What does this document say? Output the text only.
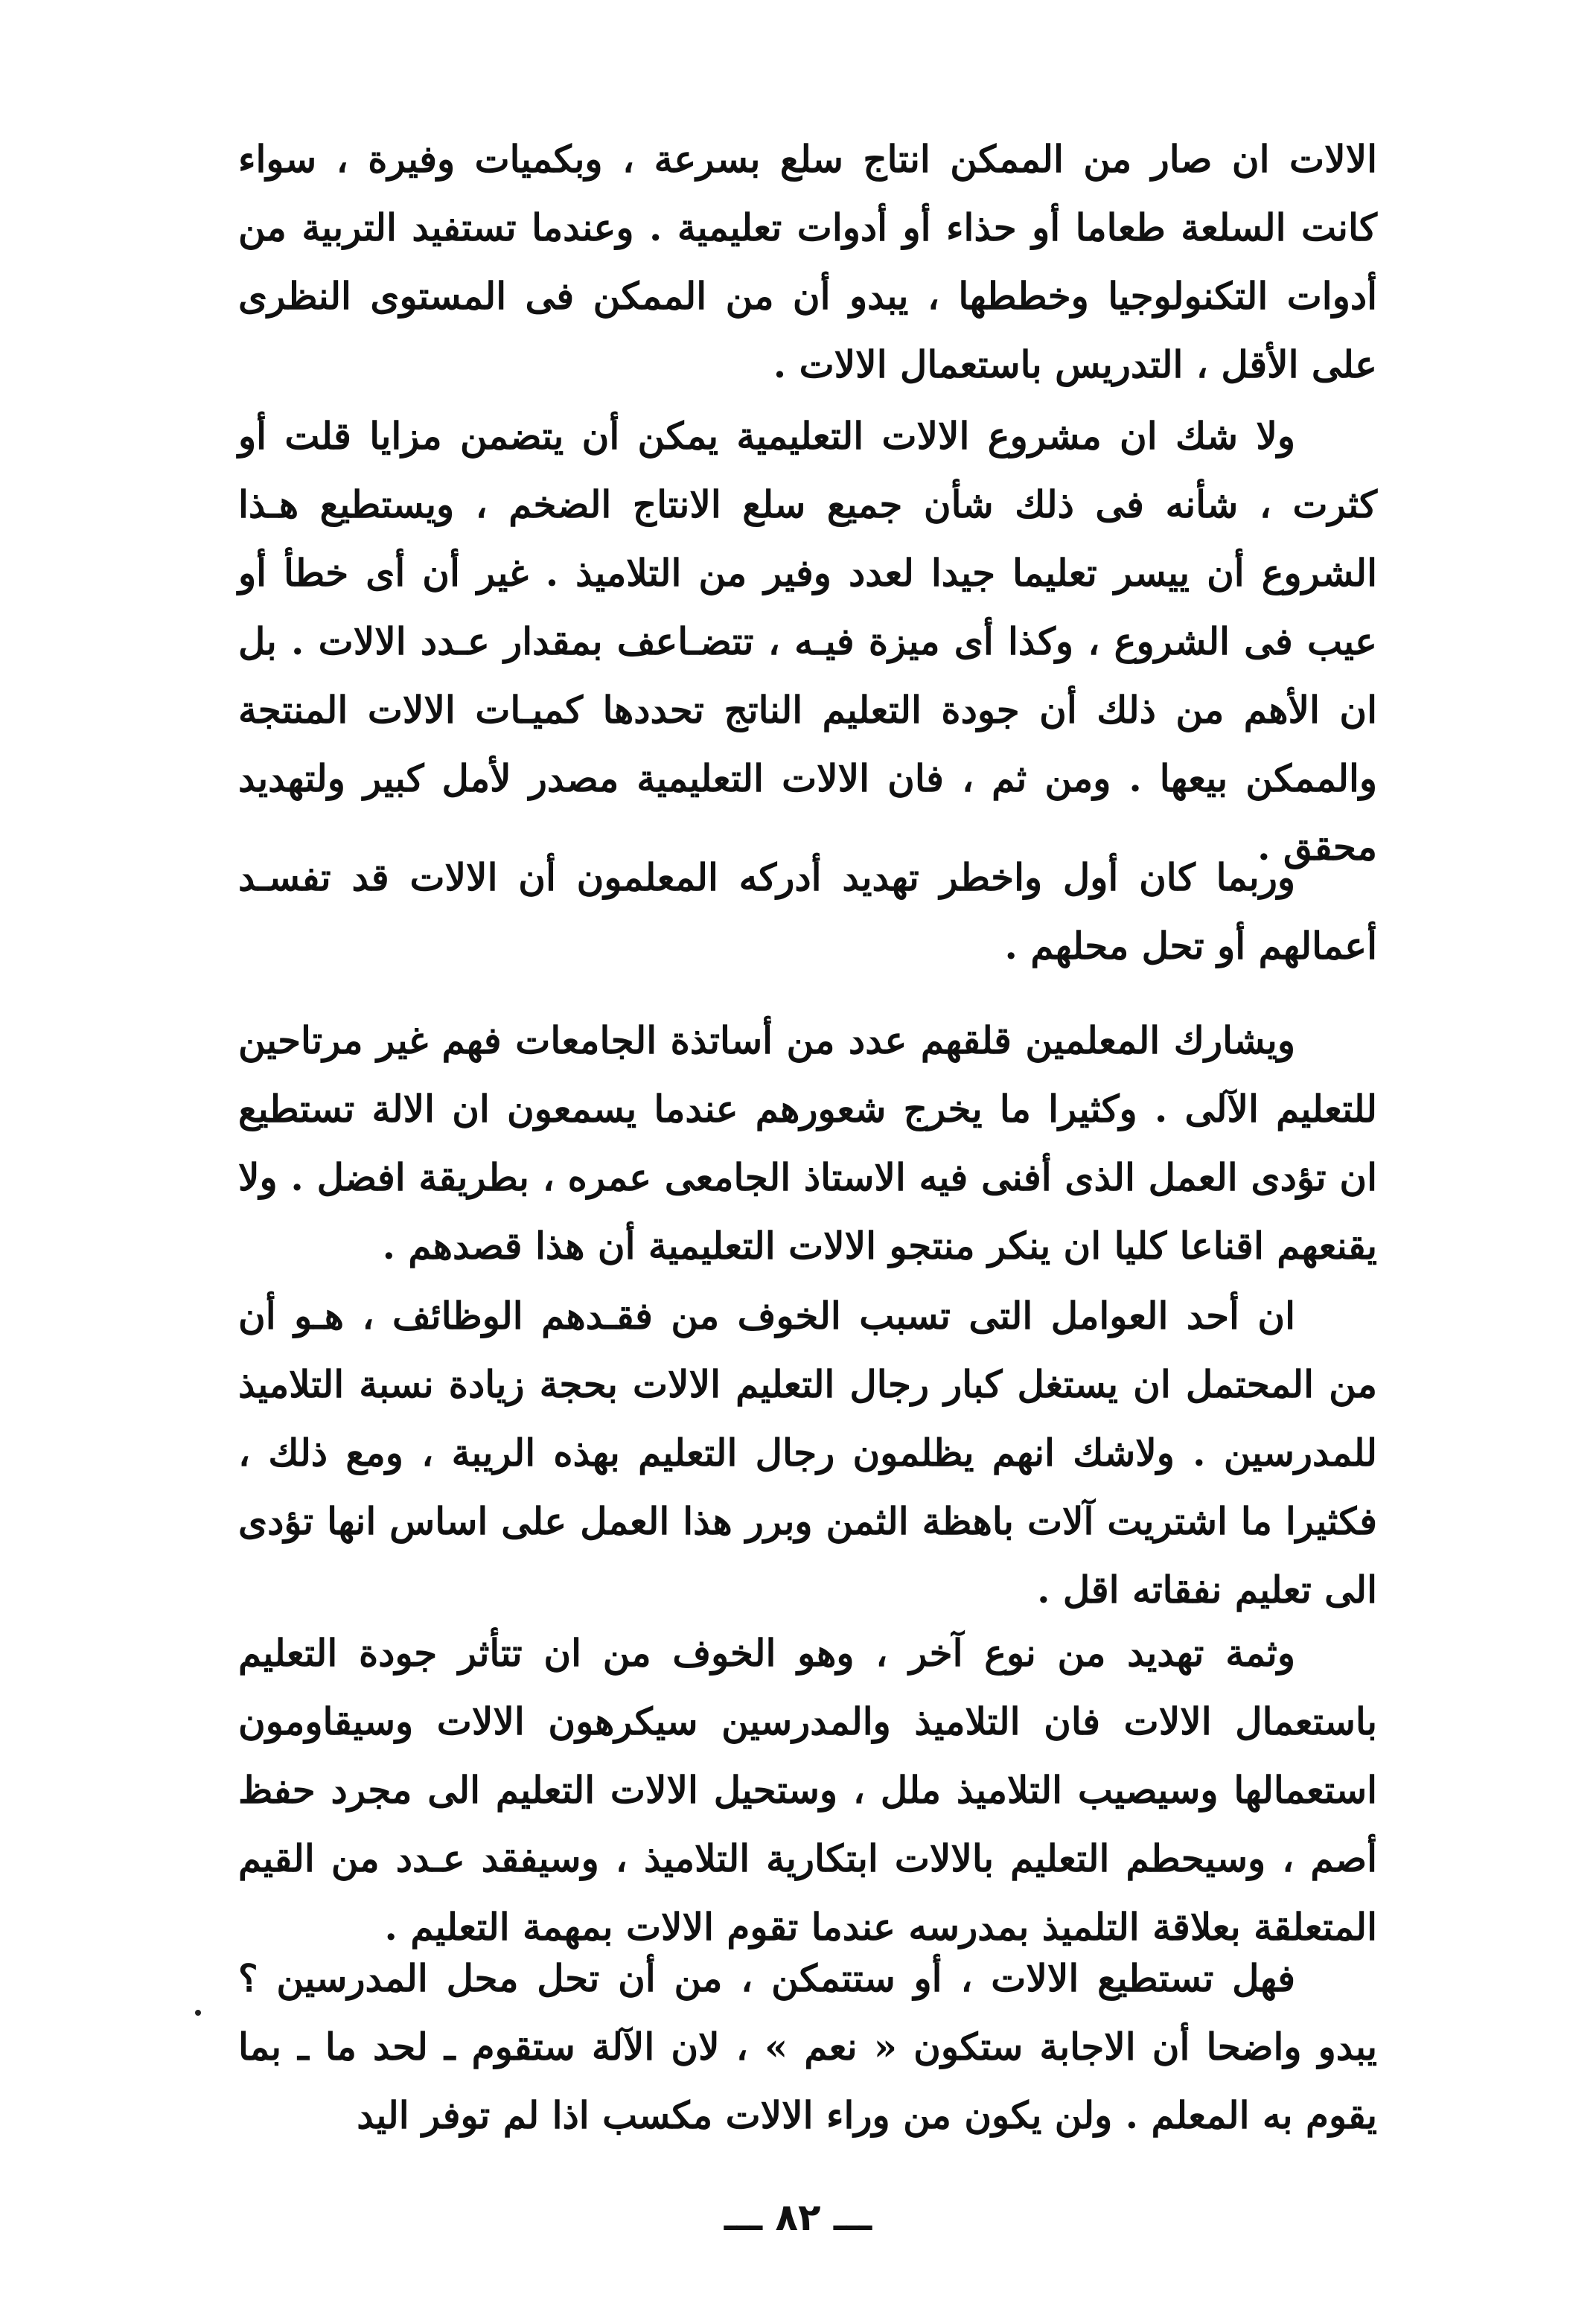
الالات ان صار من الممكن انتاج سلع بسرعة ، وبكميات وفيرة ، سواء كانت السلعة طعاما أو حذاء أو أدوات تعليمية . وعندما تستفيد التربية من أدوات التكنولوجيا وخططها ، يبدو أن من الممكن فى المستوى النظرى على الأقل ، التدريس باستعمال الالات .

ولا شك ان مشروع الالات التعليمية يمكن أن يتضمن مزايا قلت أو كثرت ، شأنه فى ذلك شأن جميع سلع الانتاج الضخم ، ويستطيع هـذا الشروع أن ييسر تعليما جيدا لعدد وفير من التلاميذ . غير أن أى خطأ أو عيب فى الشروع ، وكذا أى ميزة فيـه ، تتضـاعف بمقدار عـدد الالات . بل ان الأهم من ذلك أن جودة التعليم الناتج تحددها كميـات الالات المنتجة والممكن بيعها . ومن ثم ، فان الالات التعليمية مصدر لأمل كبير ولتهديد محقق .

وربما كان أول واخطر تهديد أدركه المعلمون أن الالات قد تفسـد أعمالهم أو تحل محلهم .

ويشارك المعلمين قلقهم عدد من أساتذة الجامعات فهم غير مرتاحين للتعليم الآلى . وكثيرا ما يخرج شعورهم عندما يسمعون ان الالة تستطيع ان تؤدى العمل الذى أفنى فيه الاستاذ الجامعى عمره ، بطريقة افضل . ولا يقنعهم اقناعا كليا ان ينكر منتجو الالات التعليمية أن هذا قصدهم .

ان أحد العوامل التى تسبب الخوف من فقـدهم الوظائف ، هـو أن من المحتمل ان يستغل كبار رجال التعليم الالات بحجة زيادة نسبة التلاميذ للمدرسين . ولاشك انهم يظلمون رجال التعليم بهذه الريبة ، ومع ذلك ، فكثيرا ما اشتريت آلات باهظة الثمن وبرر هذا العمل على اساس انها تؤدى الى تعليم نفقاته اقل .

وثمة تهديد من نوع آخر ، وهو الخوف من ان تتأثر جودة التعليم باستعمال الالات فان التلاميذ والمدرسين سيكرهون الالات وسيقاومون استعمالها وسيصيب التلاميذ ملل ، وستحيل الالات التعليم الى مجرد حفظ أصم ، وسيحطم التعليم بالالات ابتكارية التلاميذ ، وسيفقد عـدد من القيم المتعلقة بعلاقة التلميذ بمدرسه عندما تقوم الالات بمهمة التعليم .

فهل تستطيع الالات ، أو ستتمكن ، من أن تحل محل المدرسين ؟ يبدو واضحا أن الاجابة ستكون « نعم » ، لان الآلة ستقوم ـ لحد ما ـ بما يقوم به المعلم . ولن يكون من وراء الالات مكسب اذا لم توفر اليد

ـــ ٨٢ ـــ
